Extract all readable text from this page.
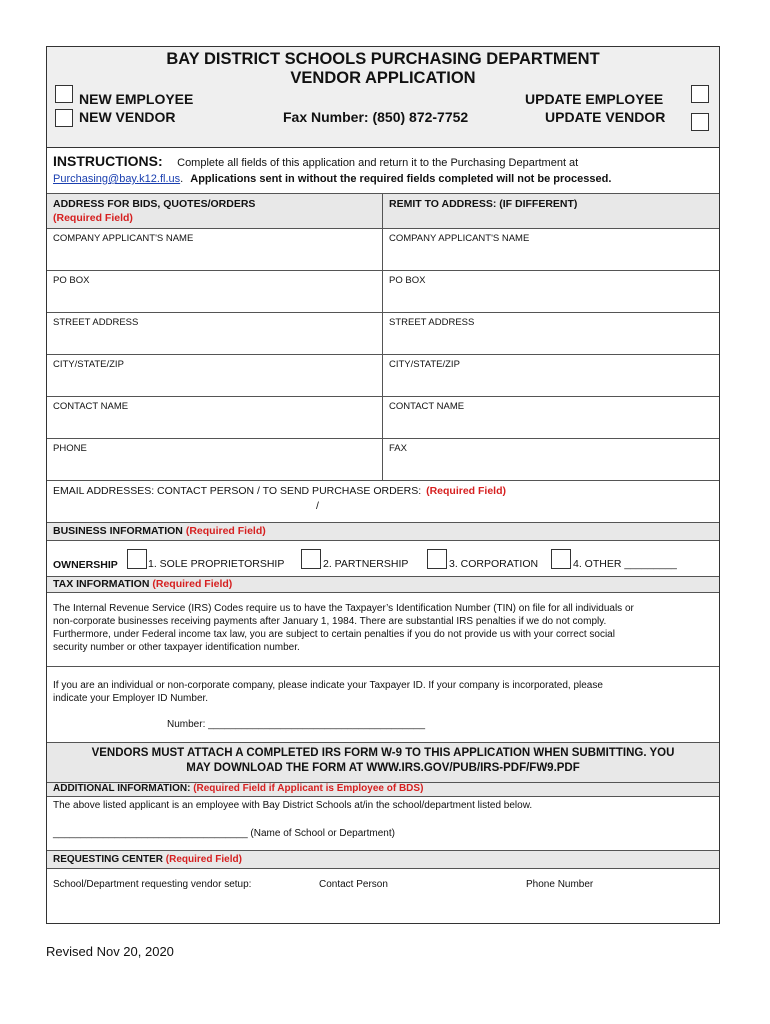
BAY DISTRICT SCHOOLS PURCHASING DEPARTMENT
VENDOR APPLICATION
NEW EMPLOYEE
NEW VENDOR	Fax Number: (850) 872-7752
UPDATE EMPLOYEE
UPDATE VENDOR
INSTRUCTIONS: Complete all fields of this application and return it to the Purchasing Department at
Purchasing@bay.k12.fl.us. Applications sent in without the required fields completed will not be processed.
ADDRESS FOR BIDS, QUOTES/ORDERS
(Required Field)
REMIT TO ADDRESS: (IF DIFFERENT)
COMPANY APPLICANT'S NAME	COMPANY APPLICANT'S NAME
PO BOX	PO BOX
STREET ADDRESS	STREET ADDRESS
CITY/STATE/ZIP	CITY/STATE/ZIP
CONTACT NAME	CONTACT NAME
PHONE	FAX
EMAIL ADDRESSES: CONTACT PERSON / TO SEND PURCHASE ORDERS: (Required Field)
/
BUSINESS INFORMATION (Required Field)
OWNERSHIP	1. SOLE PROPRIETORSHIP	2. PARTNERSHIP	3. CORPORATION	4. OTHER _________
TAX INFORMATION (Required Field)
The Internal Revenue Service (IRS) Codes require us to have the Taxpayer’s Identification Number (TIN) on file for all individuals or
non-corporate businesses receiving payments after January 1, 1984. There are substantial IRS penalties if we do not comply.
Furthermore, under Federal income tax law, you are subject to certain penalties if you do not provide us with your correct social
security number or other taxpayer identification number.
If you are an individual or non-corporate company, please indicate your Taxpayer ID. If your company is incorporated, please
indicate your Employer ID Number.
Number: _______________________________________
VENDORS MUST ATTACH A COMPLETED IRS FORM W-9 TO THIS APPLICATION WHEN SUBMITTING. YOU
MAY DOWNLOAD THE FORM AT WWW.IRS.GOV/PUB/IRS-PDF/FW9.PDF
ADDITIONAL INFORMATION: (Required Field if Applicant is Employee of BDS)
The above listed applicant is an employee with Bay District Schools at/in the school/department listed below.
___________________________________ (Name of School or Department)
REQUESTING CENTER (Required Field)
School/Department requesting vendor setup:	Contact Person	Phone Number
Revised Nov 20, 2020
